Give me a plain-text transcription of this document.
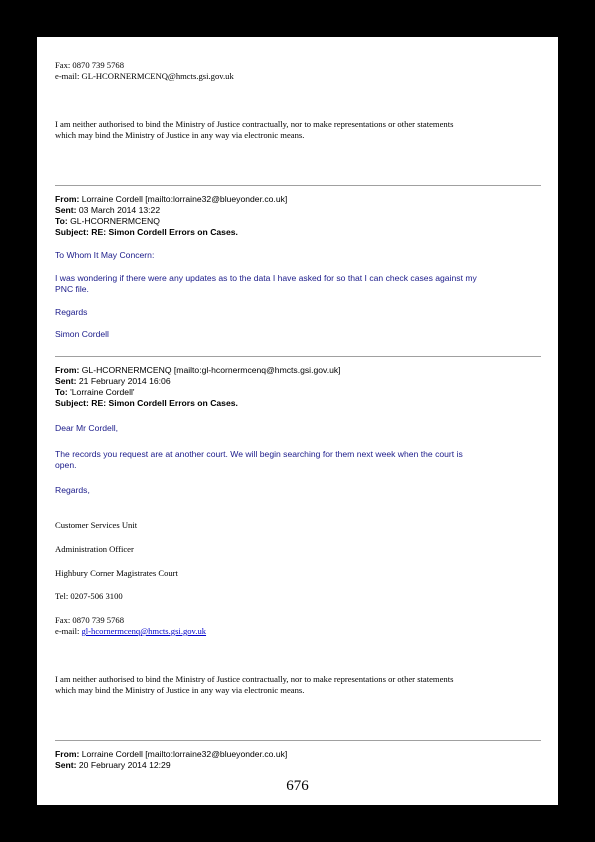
Fax: 0870 739 5768
e-mail: GL-HCORNERMCENQ@hmcts.gsi.gov.uk
I am neither authorised to bind the Ministry of Justice contractually, nor to make representations or other statements
which may bind the Ministry of Justice in any way via electronic means.
From: Lorraine Cordell [mailto:lorraine32@blueyonder.co.uk]
Sent: 03 March 2014 13:22
To: GL-HCORNERMCENQ
Subject: RE: Simon Cordell Errors on Cases.
To Whom It May Concern:
I was wondering if there were any updates as to the data I have asked for so that I can check cases against my
PNC file.
Regards
Simon Cordell
From: GL-HCORNERMCENQ [mailto:gl-hcornermcenq@hmcts.gsi.gov.uk]
Sent: 21 February 2014 16:06
To: 'Lorraine Cordell'
Subject: RE: Simon Cordell Errors on Cases.
Dear Mr Cordell,
The records you request are at another court. We will begin searching for them next week when the court is
open.
Regards,
Customer Services Unit
Administration Officer
Highbury Corner Magistrates Court
Tel: 0207-506 3100
Fax: 0870 739 5768
e-mail: gl-hcornermcenq@hmcts.gsi.gov.uk
I am neither authorised to bind the Ministry of Justice contractually, nor to make representations or other statements
which may bind the Ministry of Justice in any way via electronic means.
From: Lorraine Cordell [mailto:lorraine32@blueyonder.co.uk]
Sent: 20 February 2014 12:29
676
